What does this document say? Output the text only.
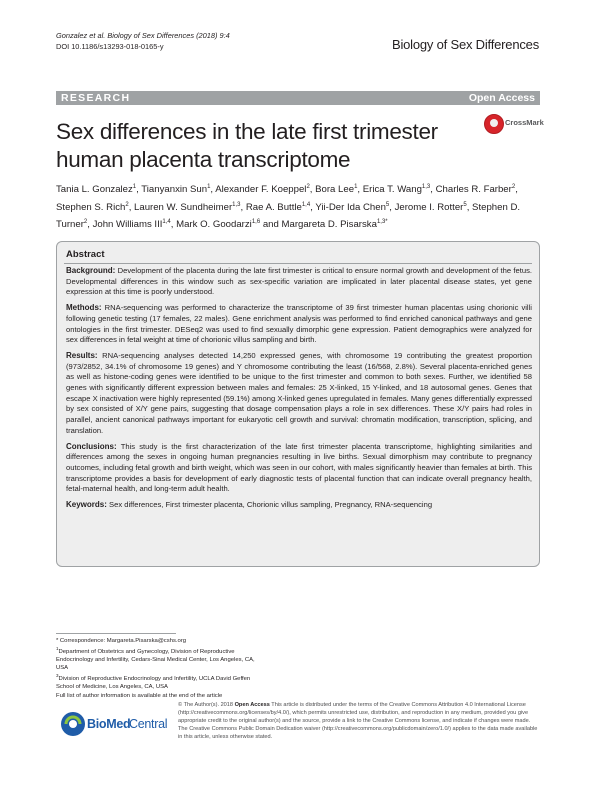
Gonzalez et al. Biology of Sex Differences (2018) 9:4
DOI 10.1186/s13293-018-0165-y	Biology of Sex Differences
RESEARCH	Open Access
Sex differences in the late first trimester human placenta transcriptome
CrossMark
Tania L. Gonzalez$^1$, Tianyanxin Sun$^1$, Alexander F. Koeppel$^2$, Bora Lee$^1$, Erica T. Wang$^{1,3}$, Charles R. Farber$^2$, Stephen S. Rich$^2$, Lauren W. Sundheimer$^{1,3}$, Rae A. Buttle$^{1,4}$, Yii-Der Ida Chen$^5$, Jerome I. Rotter$^5$, Stephen D. Turner$^2$, John Williams III$^{1,4}$, Mark O. Goodarzi$^{1,6}$ and Margareta D. Pisarska$^{1,3*}$
Abstract

Background: Development of the placenta during the late first trimester is critical to ensure normal growth and development of the fetus. Developmental differences in this window such as sex-specific variation are implicated in later placental disease states, yet gene expression at this time is poorly understood.

Methods: RNA-sequencing was performed to characterize the transcriptome of 39 first trimester human placentas using chorionic villi following genetic testing (17 females, 22 males). Gene enrichment analysis was performed to find enriched canonical pathways and gene ontologies in the first trimester. DESeq2 was used to find sexually dimorphic gene expression. Patient demographics were analyzed for sex differences in fetal weight at time of chorionic villus sampling and birth.

Results: RNA-sequencing analyses detected 14,250 expressed genes, with chromosome 19 contributing the greatest proportion (973/2852, 34.1% of chromosome 19 genes) and Y chromosome contributing the least (16/568, 2.8%). Several placenta-enriched genes as well as histone-coding genes were identified to be unique to the first trimester and common to both sexes. Further, we identified 58 genes with significantly different expression between males and females: 25 X-linked, 15 Y-linked, and 18 autosomal genes. Genes that escape X inactivation were highly represented (59.1%) among X-linked genes upregulated in females. Many genes differentially expressed by sex consisted of X/Y gene pairs, suggesting that dosage compensation plays a role in sex differences. These X/Y pairs had roles in parallel, ancient canonical pathways important for eukaryotic cell growth and survival: chromatin modification, transcription, splicing, and translation.

Conclusions: This study is the first characterization of the late first trimester placenta transcriptome, highlighting similarities and differences among the sexes in ongoing human pregnancies resulting in live births. Sexual dimorphism may contribute to pregnancy outcomes, including fetal growth and birth weight, which was seen in our cohort, with males significantly heavier than females at birth. This transcriptome provides a basis for development of early diagnostic tests of placental function that can indicate overall pregnancy health, fetal-maternal health, and long-term adult health.

Keywords: Sex differences, First trimester placenta, Chorionic villus sampling, Pregnancy, RNA-sequencing

* Correspondence: Margareta.Pisarska@cshs.org

$^1$Department of Obstetrics and Gynecology, Division of Reproductive Endocrinology and Infertility, Cedars-Sinai Medical Center, Los Angeles, CA, USA

$^3$Division of Reproductive Endocrinology and Infertility, UCLA David Geffen School of Medicine, Los Angeles, CA, USA

Full list of author information is available at the end of the article

BioMed
Central
© The Author(s). 2018 Open Access This article is distributed under the terms of the Creative Commons Attribution 4.0 International License (http://creativecommons.org/licenses/by/4.0/), which permits unrestricted use, distribution, and reproduction in any medium, provided you give appropriate credit to the original author(s) and the source, provide a link to the Creative Commons license, and indicate if changes were made. The Creative Commons Public Domain Dedication waiver (http://creativecommons.org/publicdomain/zero/1.0/) applies to the data made available in this article, unless otherwise stated.
